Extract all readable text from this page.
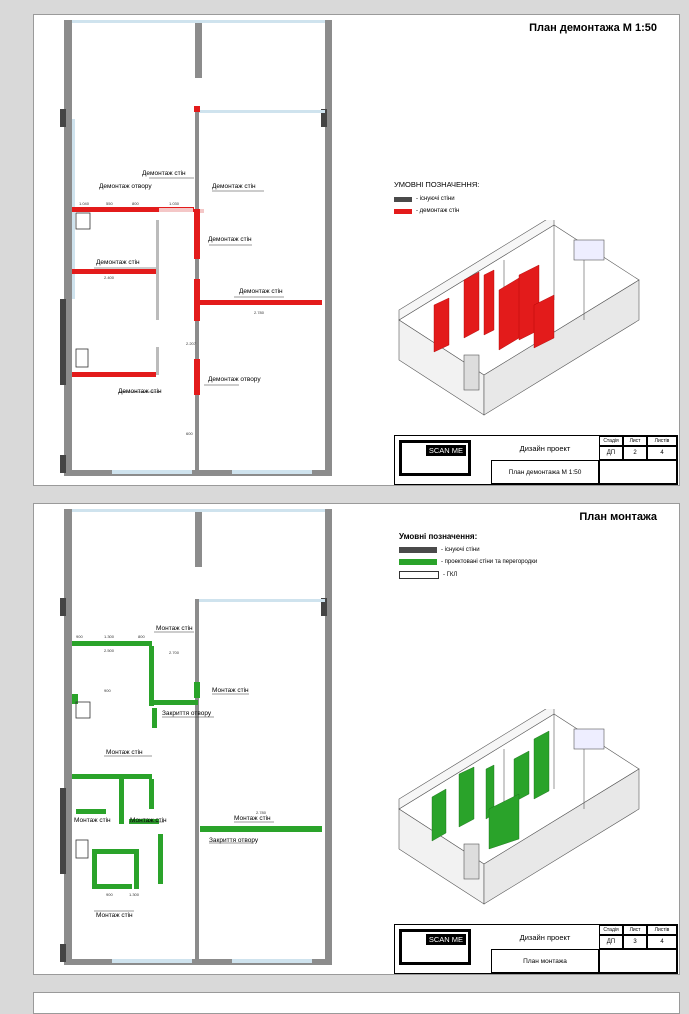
План демонтажа М 1:50
Демонтаж стін
Демонтаж отвору	Демонтаж стін
Демонтаж стін
Демонтаж стін
Демонтаж стін
Демонтаж отвору
Демонтаж стін
1.040	550	800	1.030
2.400
2.780
2.207
600
УМОВНІ ПОЗНАЧЕННЯ:
- існуючі стіни
- демонтаж стін
SCAN ME	Дизайн проект
Стадія	Лист	Листів
ДП	2	4
План демонтажа М 1:50
План монтажа
Монтаж стін
Монтаж стін
Закриття отвору
Монтаж стін
Монтаж стін	Монтаж стін
Закриття отвору
Монтаж стін
Монтаж стін
900	1.300	800
2.500	2.700
900
2.780
900	1.300
Умовні позначення:
- існуючі стіни
- проектовані стіни та перегородки
- ГКЛ
SCAN ME	Дизайн проект
Стадія	Лист	Листів
ДП	3	4
План монтажа
